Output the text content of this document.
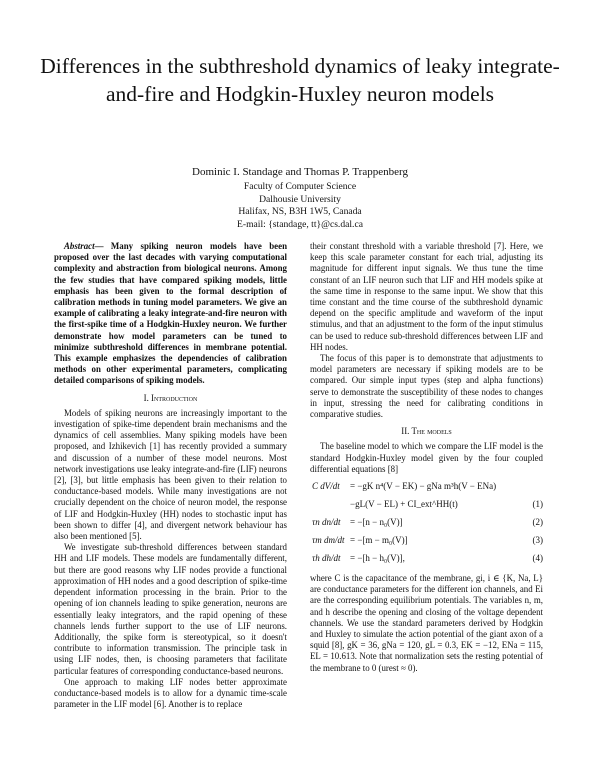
Differences in the subthreshold dynamics of leaky integrate-and-fire and Hodgkin-Huxley neuron models
Dominic I. Standage and Thomas P. Trappenberg
Faculty of Computer Science
Dalhousie University
Halifax, NS, B3H 1W5, Canada
E-mail: {standage, tt}@cs.dal.ca

Abstract— Many spiking neuron models have been proposed over the last decades with varying computational complexity and abstraction from biological neurons. Among the few studies that have compared spiking models, little emphasis has been given to the formal description of calibration methods in tuning model parameters. We give an example of calibrating a leaky integrate-and-fire neuron with the first-spike time of a Hodgkin-Huxley neuron. We further demonstrate how model parameters can be tuned to minimize subthreshold differences in membrane potential. This example emphasizes the dependencies of calibration methods on other experimental parameters, complicating detailed comparisons of spiking models.

I. Introduction

Models of spiking neurons are increasingly important to the investigation of spike-time dependent brain mechanisms and the dynamics of cell assemblies. Many spiking models have been proposed, and Izhikevich [1] has recently provided a summary and discussion of a number of these model neurons. Most network investigations use leaky integrate-and-fire (LIF) neurons [2], [3], but little emphasis has been given to their relation to conductance-based models. While many investigations are not crucially dependent on the choice of neuron model, the response of LIF and Hodgkin-Huxley (HH) nodes to stochastic input has been shown to differ [4], and divergent network behaviour has also been mentioned [5].

We investigate sub-threshold differences between standard HH and LIF models. These models are fundamentally different, but there are good reasons why LIF nodes provide a functional approximation of HH nodes and a good description of spike-time dependent information processing in the brain. Prior to the opening of ion channels leading to spike generation, neurons are essentially leaky integrators, and the rapid opening of these channels lends further support to the use of LIF neurons. Additionally, the spike form is stereotypical, so it doesn't contribute to information transmission. The principle task in using LIF nodes, then, is choosing parameters that facilitate particular features of corresponding conductance-based neurons.

One approach to making LIF nodes better approximate conductance-based models is to allow for a dynamic time-scale parameter in the LIF model [6]. Another is to replace

their constant threshold with a variable threshold [7]. Here, we keep this scale parameter constant for each trial, adjusting its magnitude for different input signals. We thus tune the time constant of an LIF neuron such that LIF and HH models spike at the same time in response to the same input. We show that this time constant and the time course of the subthreshold dynamic depend on the specific amplitude and waveform of the input stimulus, and that an adjustment to the form of the input stimulus can be used to reduce sub-threshold differences between LIF and HH nodes.

The focus of this paper is to demonstrate that adjustments to model parameters are necessary if spiking models are to be compared. Our simple input types (step and alpha functions) serve to demonstrate the susceptibility of these nodes to changes in input, stressing the need for calibrating conditions in comparative studies.

II. The models

The baseline model to which we compare the LIF model is the standard Hodgkin-Huxley model given by the four coupled differential equations [8]

C dV/dt = −gK n⁴(V − EK) − gNa m³h(V − ENa)
−gL(V − EL) + CI_ext^HH(t)	(1)
τn dn/dt = −[n − n₀(V)]	(2)
τm dm/dt = −[m − m₀(V)]	(3)
τh dh/dt = −[h − h₀(V)],	(4)

where C is the capacitance of the membrane, gi, i ∈ {K, Na, L} are conductance parameters for the different ion channels, and Ei are the corresponding equilibrium potentials. The variables n, m, and h describe the opening and closing of the voltage dependent channels. We use the standard parameters derived by Hodgkin and Huxley to simulate the action potential of the giant axon of a squid [8], gK = 36, gNa = 120, gL = 0.3, EK = −12, ENa = 115, EL = 10.613. Note that normalization sets the resting potential of the membrane to 0 (urest ≈ 0).
